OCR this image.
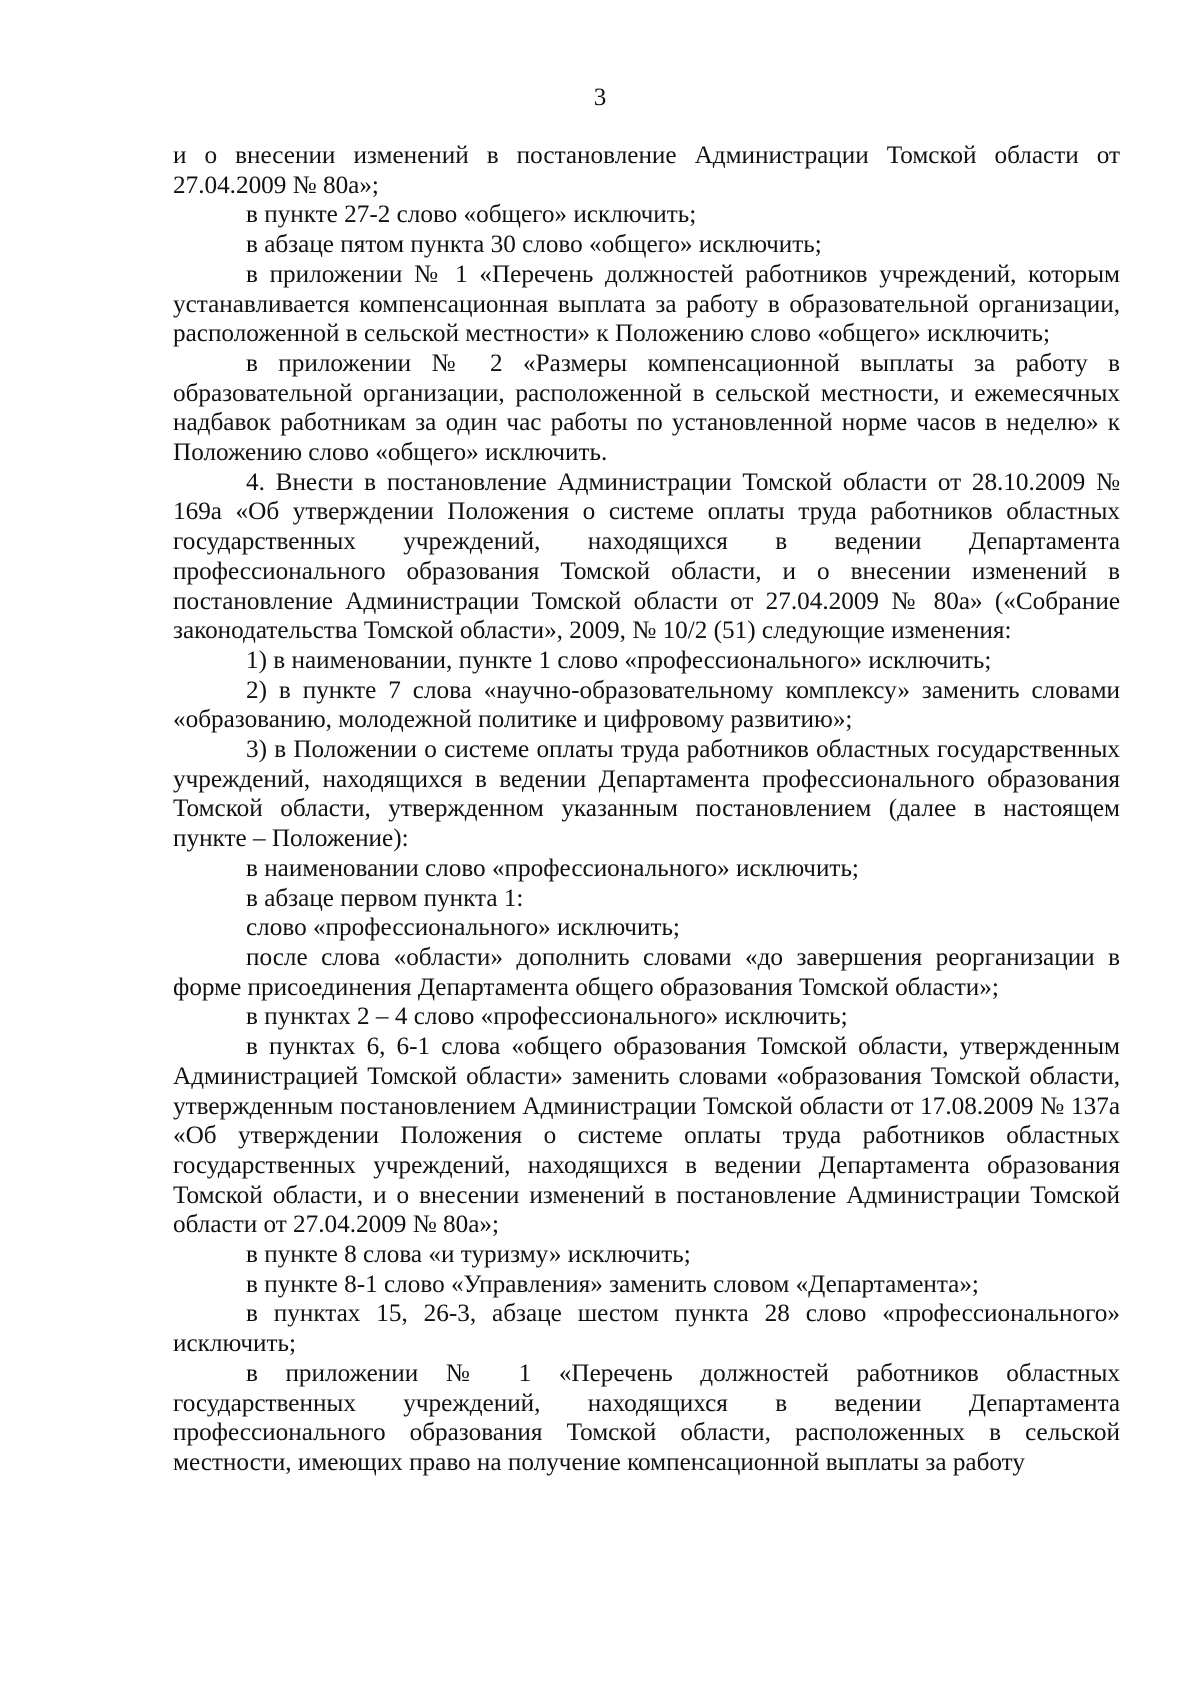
3

и о внесении изменений в постановление Администрации Томской области от 27.04.2009 № 80а»;

в пункте 27-2 слово «общего» исключить;

в абзаце пятом пункта 30 слово «общего» исключить;

в приложении № 1 «Перечень должностей работников учреждений, которым устанавливается компенсационная выплата за работу в образовательной организации, расположенной в сельской местности» к Положению слово «общего» исключить;

в приложении № 2 «Размеры компенсационной выплаты за работу в образовательной организации, расположенной в сельской местности, и ежемесячных надбавок работникам за один час работы по установленной норме часов в неделю» к Положению слово «общего» исключить.

4. Внести в постановление Администрации Томской области от 28.10.2009 № 169а «Об утверждении Положения о системе оплаты труда работников областных государственных учреждений, находящихся в ведении Департамента профессионального образования Томской области, и о внесении изменений в постановление Администрации Томской области от 27.04.2009 № 80а» («Собрание законодательства Томской области», 2009, № 10/2 (51) следующие изменения:

1) в наименовании, пункте 1 слово «профессионального» исключить;

2) в пункте 7 слова «научно-образовательному комплексу» заменить словами «образованию, молодежной политике и цифровому развитию»;

3) в Положении о системе оплаты труда работников областных государственных учреждений, находящихся в ведении Департамента профессионального образования Томской области, утвержденном указанным постановлением (далее в настоящем пункте – Положение):

в наименовании слово «профессионального» исключить;

в абзаце первом пункта 1:

слово «профессионального» исключить;

после слова «области» дополнить словами «до завершения реорганизации в форме присоединения Департамента общего образования Томской области»;

в пунктах 2 – 4 слово «профессионального» исключить;

в пунктах 6, 6-1 слова «общего образования Томской области, утвержденным Администрацией Томской области» заменить словами «образования Томской области, утвержденным постановлением Администрации Томской области от 17.08.2009 № 137а «Об утверждении Положения о системе оплаты труда работников областных государственных учреждений, находящихся в ведении Департамента образования Томской области, и о внесении изменений в постановление Администрации Томской области от 27.04.2009 № 80а»;

в пункте 8 слова «и туризму» исключить;

в пункте 8-1 слово «Управления» заменить словом «Департамента»;

в пунктах 15, 26-3, абзаце шестом пункта 28 слово «профессионального» исключить;

в приложении № 1 «Перечень должностей работников областных государственных учреждений, находящихся в ведении Департамента профессионального образования Томской области, расположенных в сельской местности, имеющих право на получение компенсационной выплаты за работу
